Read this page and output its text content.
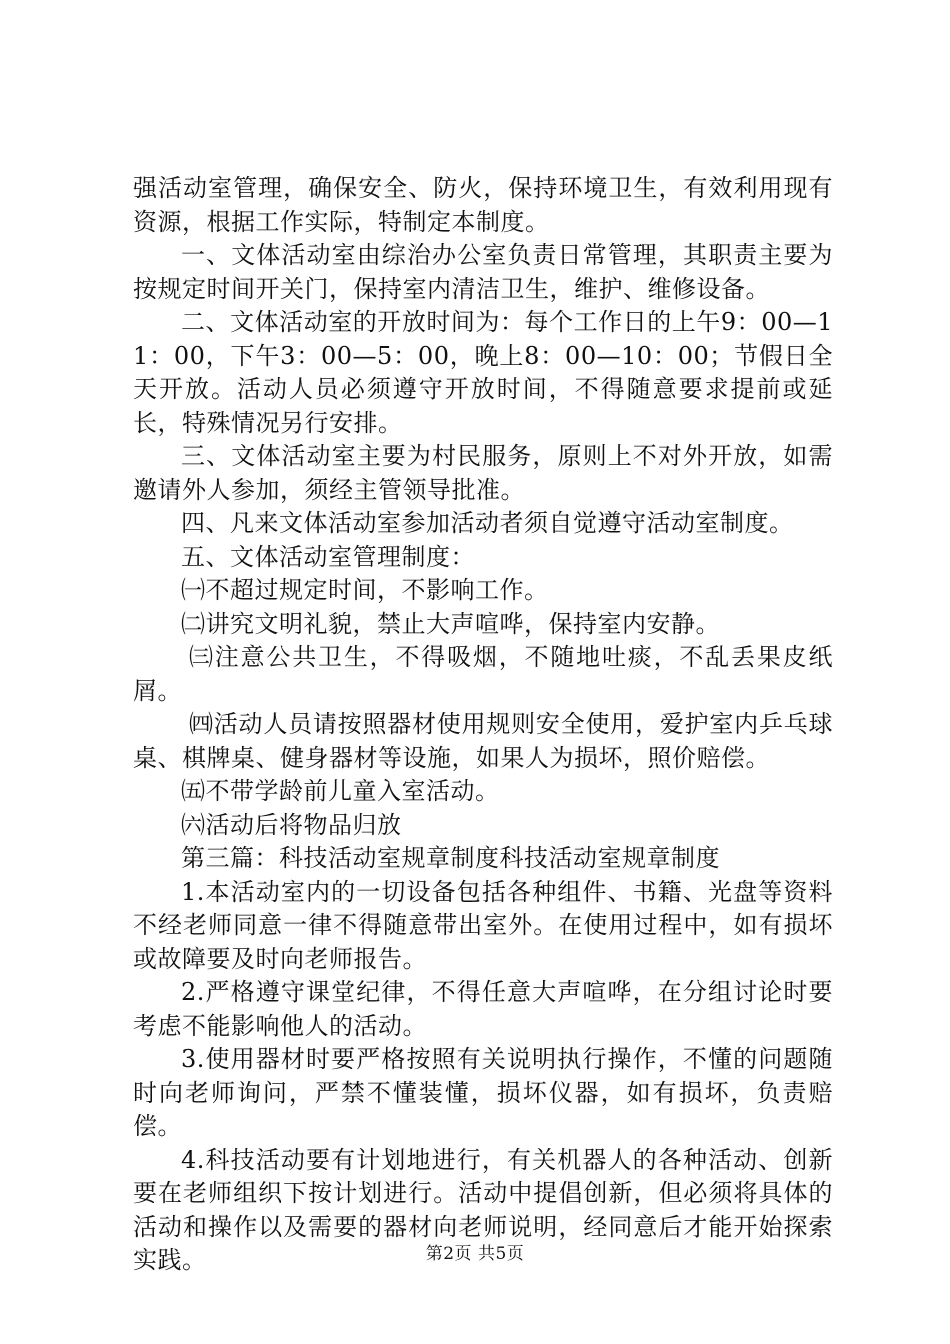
强活动室管理，确保安全、防火，保持环境卫生，有效利用现有资源，根据工作实际，特制定本制度。

一、文体活动室由综治办公室负责日常管理，其职责主要为按规定时间开关门，保持室内清洁卫生，维护、维修设备。

二、文体活动室的开放时间为：每个工作日的上午9：00—11：00，下午3：00—5：00，晚上8：00—10：00；节假日全天开放。活动人员必须遵守开放时间，不得随意要求提前或延长，特殊情况另行安排。

三、文体活动室主要为村民服务，原则上不对外开放，如需邀请外人参加，须经主管领导批准。

四、凡来文体活动室参加活动者须自觉遵守活动室制度。

五、文体活动室管理制度：

㈠不超过规定时间，不影响工作。

㈡讲究文明礼貌，禁止大声喧哗，保持室内安静。

㈢注意公共卫生，不得吸烟，不随地吐痰，不乱丢果皮纸屑。

㈣活动人员请按照器材使用规则安全使用，爱护室内乒乓球桌、棋牌桌、健身器材等设施，如果人为损坏，照价赔偿。

㈤不带学龄前儿童入室活动。

㈥活动后将物品归放

第三篇：科技活动室规章制度科技活动室规章制度

1.本活动室内的一切设备包括各种组件、书籍、光盘等资料不经老师同意一律不得随意带出室外。在使用过程中，如有损坏或故障要及时向老师报告。

2.严格遵守课堂纪律，不得任意大声喧哗，在分组讨论时要考虑不能影响他人的活动。

3.使用器材时要严格按照有关说明执行操作，不懂的问题随时向老师询问，严禁不懂装懂，损坏仪器，如有损坏，负责赔偿。

4.科技活动要有计划地进行，有关机器人的各种活动、创新要在老师组织下按计划进行。活动中提倡创新，但必须将具体的活动和操作以及需要的器材向老师说明，经同意后才能开始探索实践。	第2页 共5页
